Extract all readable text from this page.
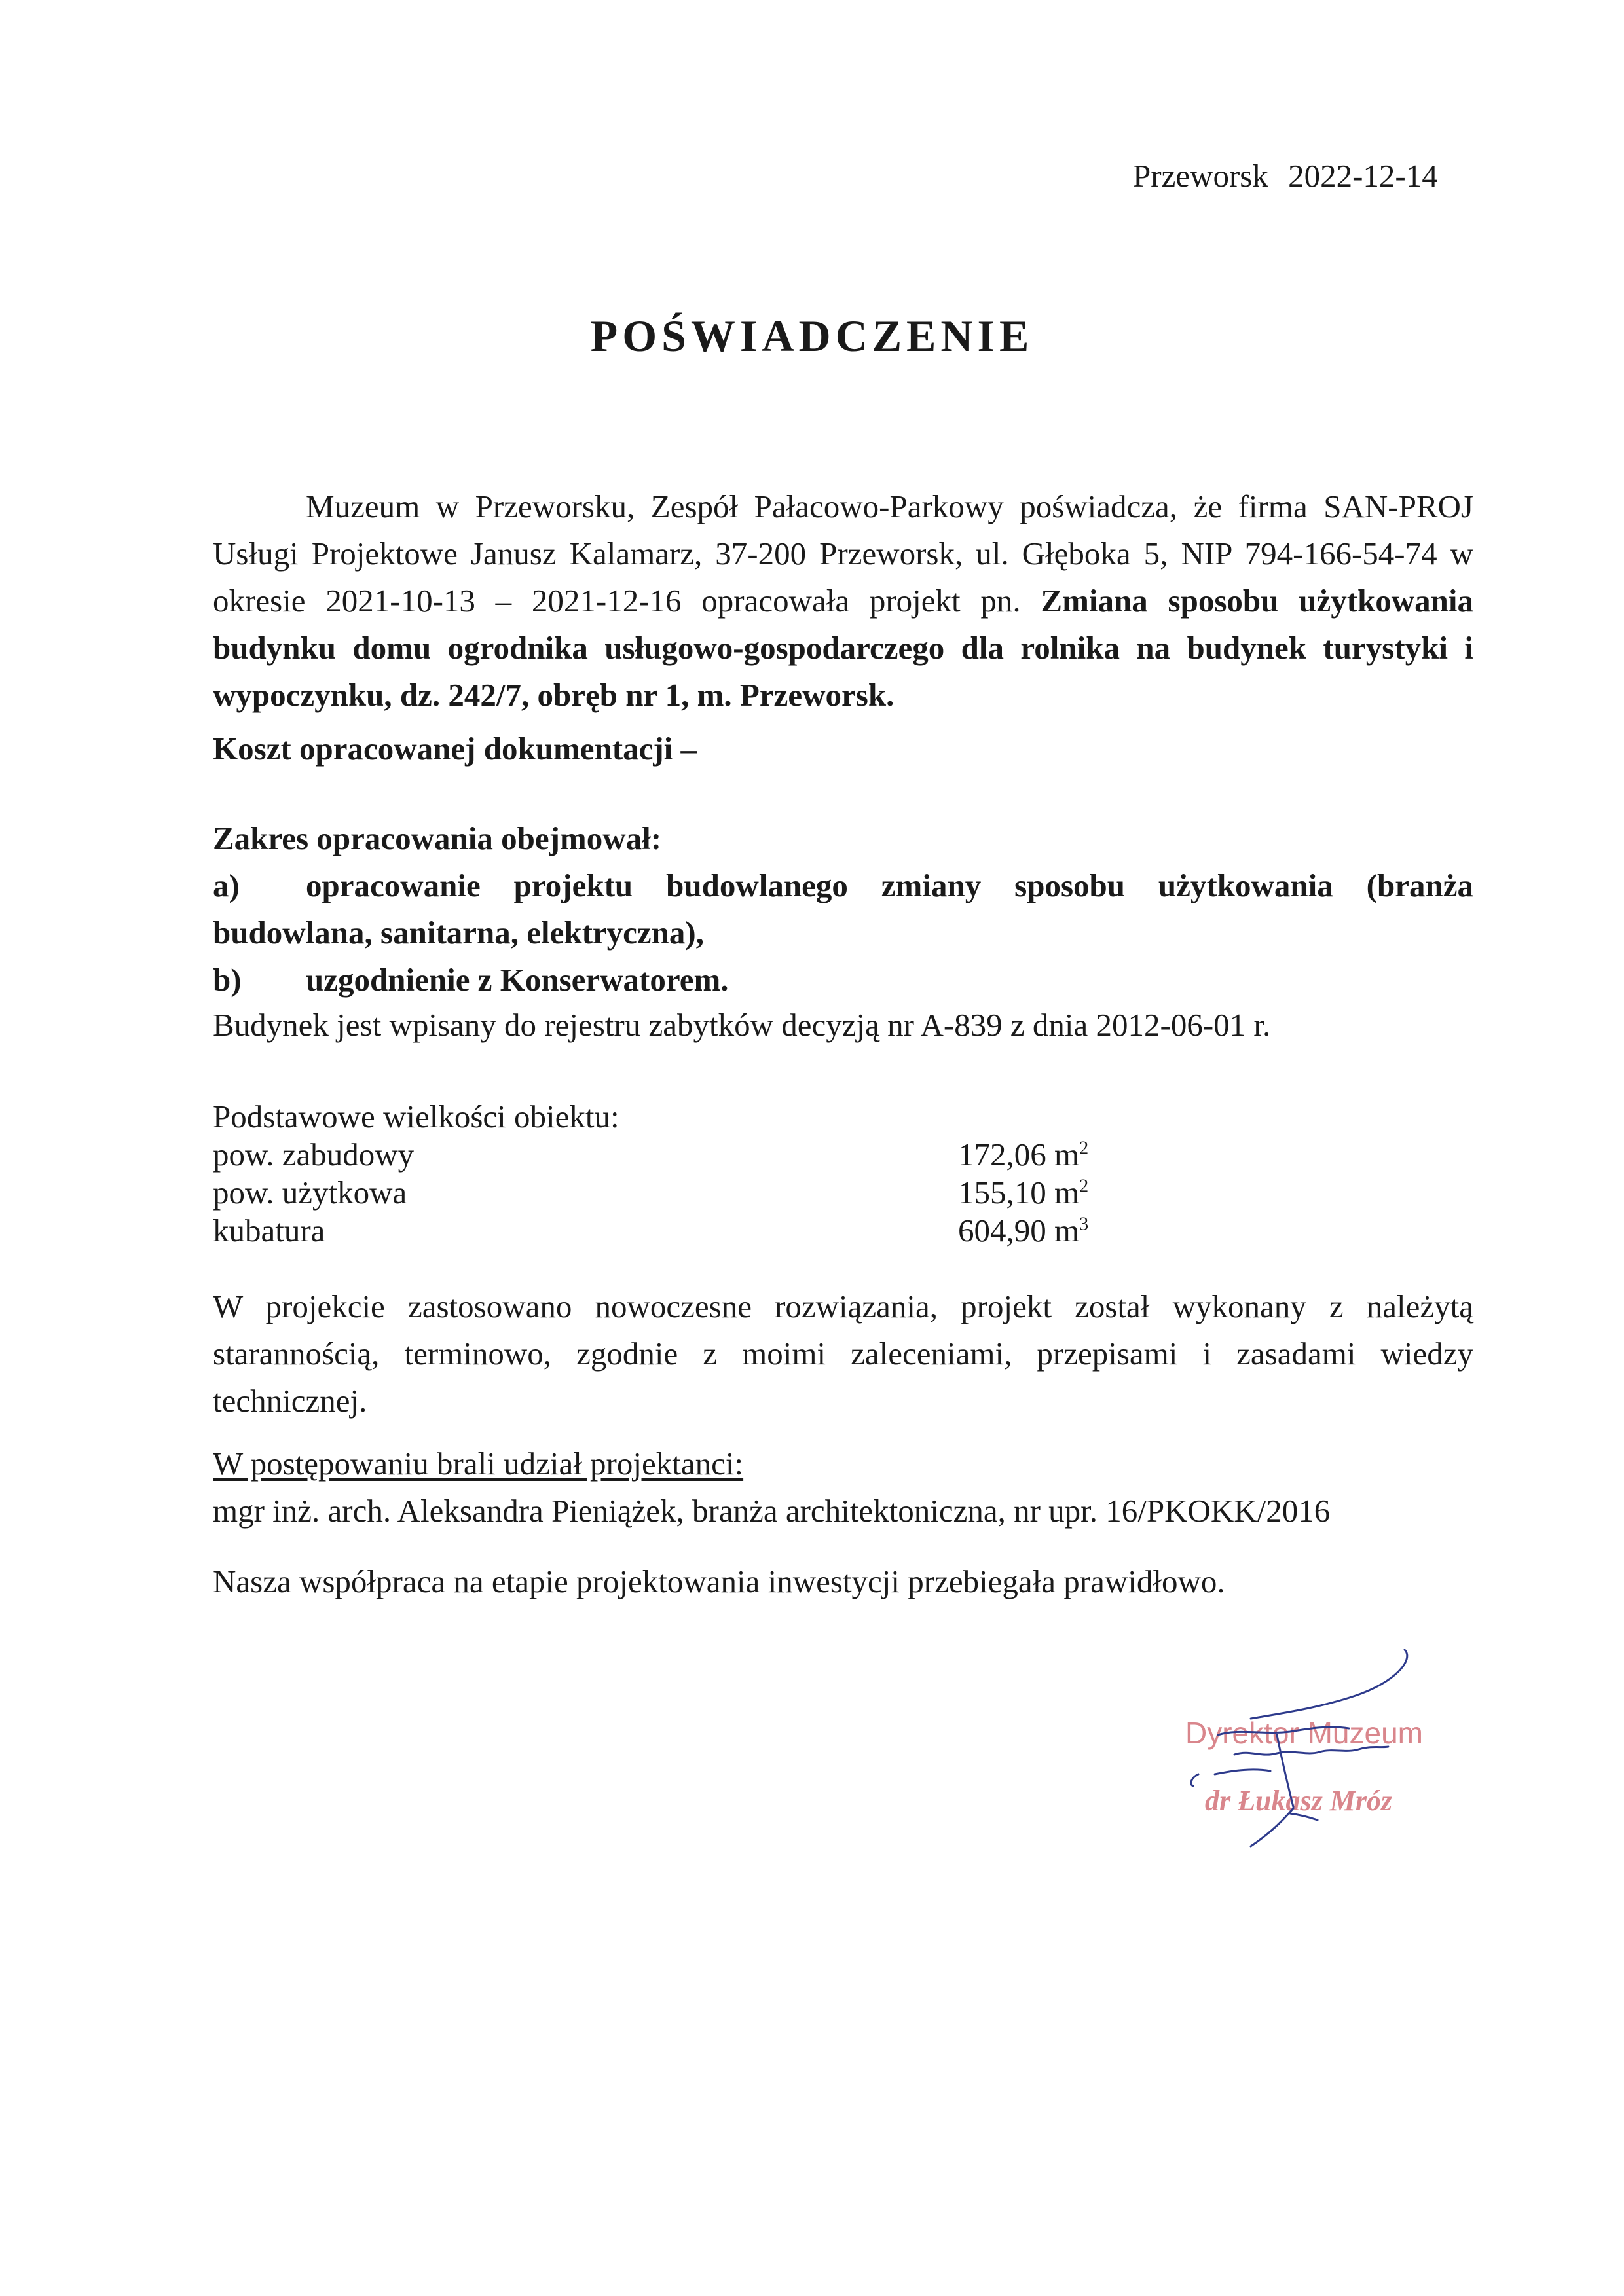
Przeworsk 2022-12-14
POŚWIADCZENIE
Muzeum w Przeworsku, Zespół Pałacowo-Parkowy poświadcza, że firma SAN-PROJ Usługi Projektowe Janusz Kalamarz, 37-200 Przeworsk, ul. Głęboka 5, NIP 794-166-54-74 w okresie 2021-10-13 – 2021-12-16 opracowała projekt pn. Zmiana sposobu użytkowania budynku domu ogrodnika usługowo-gospodarczego dla rolnika na budynek turystyki i wypoczynku, dz. 242/7, obręb nr 1, m. Przeworsk.
Koszt opracowanej dokumentacji –
Zakres opracowania obejmował:
a) opracowanie projektu budowlanego zmiany sposobu użytkowania (branża budowlana, sanitarna, elektryczna),
b) uzgodnienie z Konserwatorem.
Budynek jest wpisany do rejestru zabytków decyzją nr A-839 z dnia 2012-06-01 r.
Podstawowe wielkości obiektu:
pow. zabudowy	172,06 $m^2$
pow. użytkowa	155,10 $m^2$
kubatura	604,90 $m^3$
W projekcie zastosowano nowoczesne rozwiązania, projekt został wykonany z należytą starannością, terminowo, zgodnie z moimi zaleceniami, przepisami i zasadami wiedzy technicznej.
W postępowaniu brali udział projektanci:
mgr inż. arch. Aleksandra Pieniążek, branża architektoniczna, nr upr. 16/PKOKK/2016
Nasza współpraca na etapie projektowania inwestycji przebiegała prawidłowo.
Dyrektor Muzeum
dr Łukasz Mróz
